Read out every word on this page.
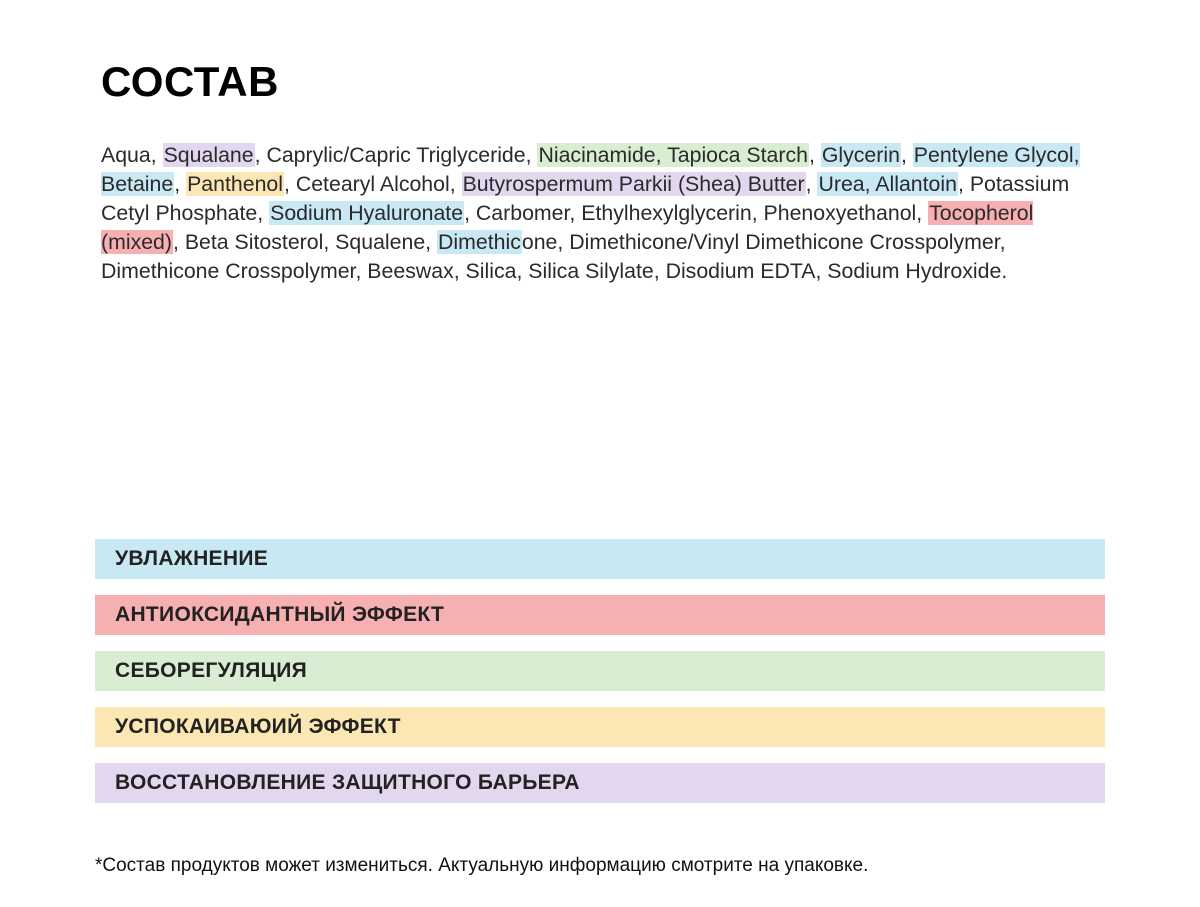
СОСТАВ

Aqua, Squalane, Caprylic/Capric Triglyceride, Niacinamide, Tapioca Starch, Glycerin, Pentylene Glycol, Betaine, Panthenol, Cetearyl Alcohol, Butyrospermum Parkii (Shea) Butter, Urea, Allantoin, Potassium Cetyl Phosphate, Sodium Hyaluronate, Carbomer, Ethylhexylglycerin, Phenoxyethanol, Tocopherol (mixed), Beta Sitosterol, Squalene, Dimethicone, Dimethicone/Vinyl Dimethicone Crosspolymer, Dimethicone Crosspolymer, Beeswax, Silica, Silica Silylate, Disodium EDTA, Sodium Hydroxide.

УВЛАЖНЕНИЕ
АНТИОКСИДАНТНЫЙ ЭФФЕКТ
СЕБОРЕГУЛЯЦИЯ
УСПОКАИВАЮИЙ ЭФФЕКТ
ВОССТАНОВЛЕНИЕ ЗАЩИТНОГО БАРЬЕРА

*Состав продуктов может измениться. Актуальную информацию смотрите на упаковке.
